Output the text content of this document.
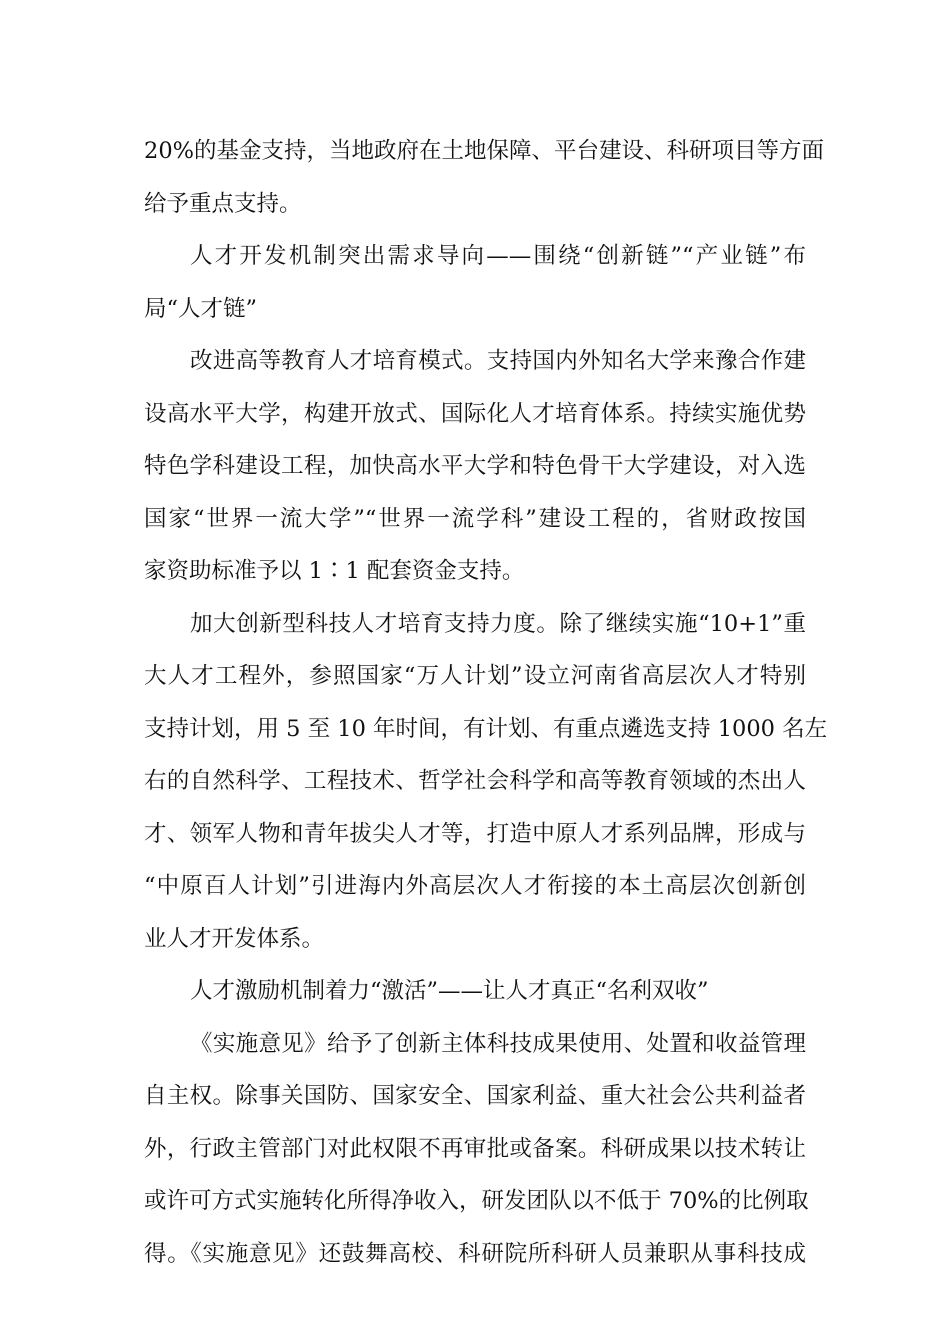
20%的基金支持，当地政府在土地保障、平台建设、科研项目等方面
给予重点支持。
人才开发机制突出需求导向——围绕“创新链”“产业链”布
局“人才链”
改进高等教育人才培育模式。支持国内外知名大学来豫合作建
设高水平大学，构建开放式、国际化人才培育体系。持续实施优势
特色学科建设工程，加快高水平大学和特色骨干大学建设，对入选
国家“世界一流大学”“世界一流学科”建设工程的，省财政按国
家资助标准予以 1∶1 配套资金支持。
加大创新型科技人才培育支持力度。除了继续实施“10+1”重
大人才工程外，参照国家“万人计划”设立河南省高层次人才特别
支持计划，用 5 至 10 年时间，有计划、有重点遴选支持 1000 名左
右的自然科学、工程技术、哲学社会科学和高等教育领域的杰出人
才、领军人物和青年拔尖人才等，打造中原人才系列品牌，形成与
“中原百人计划”引进海内外高层次人才衔接的本土高层次创新创
业人才开发体系。
人才激励机制着力“激活”——让人才真正“名利双收”
《实施意见》给予了创新主体科技成果使用、处置和收益管理
自主权。除事关国防、国家安全、国家利益、重大社会公共利益者
外，行政主管部门对此权限不再审批或备案。科研成果以技术转让
或许可方式实施转化所得净收入，研发团队以不低于 70%的比例取
得。《实施意见》还鼓舞高校、科研院所科研人员兼职从事科技成
